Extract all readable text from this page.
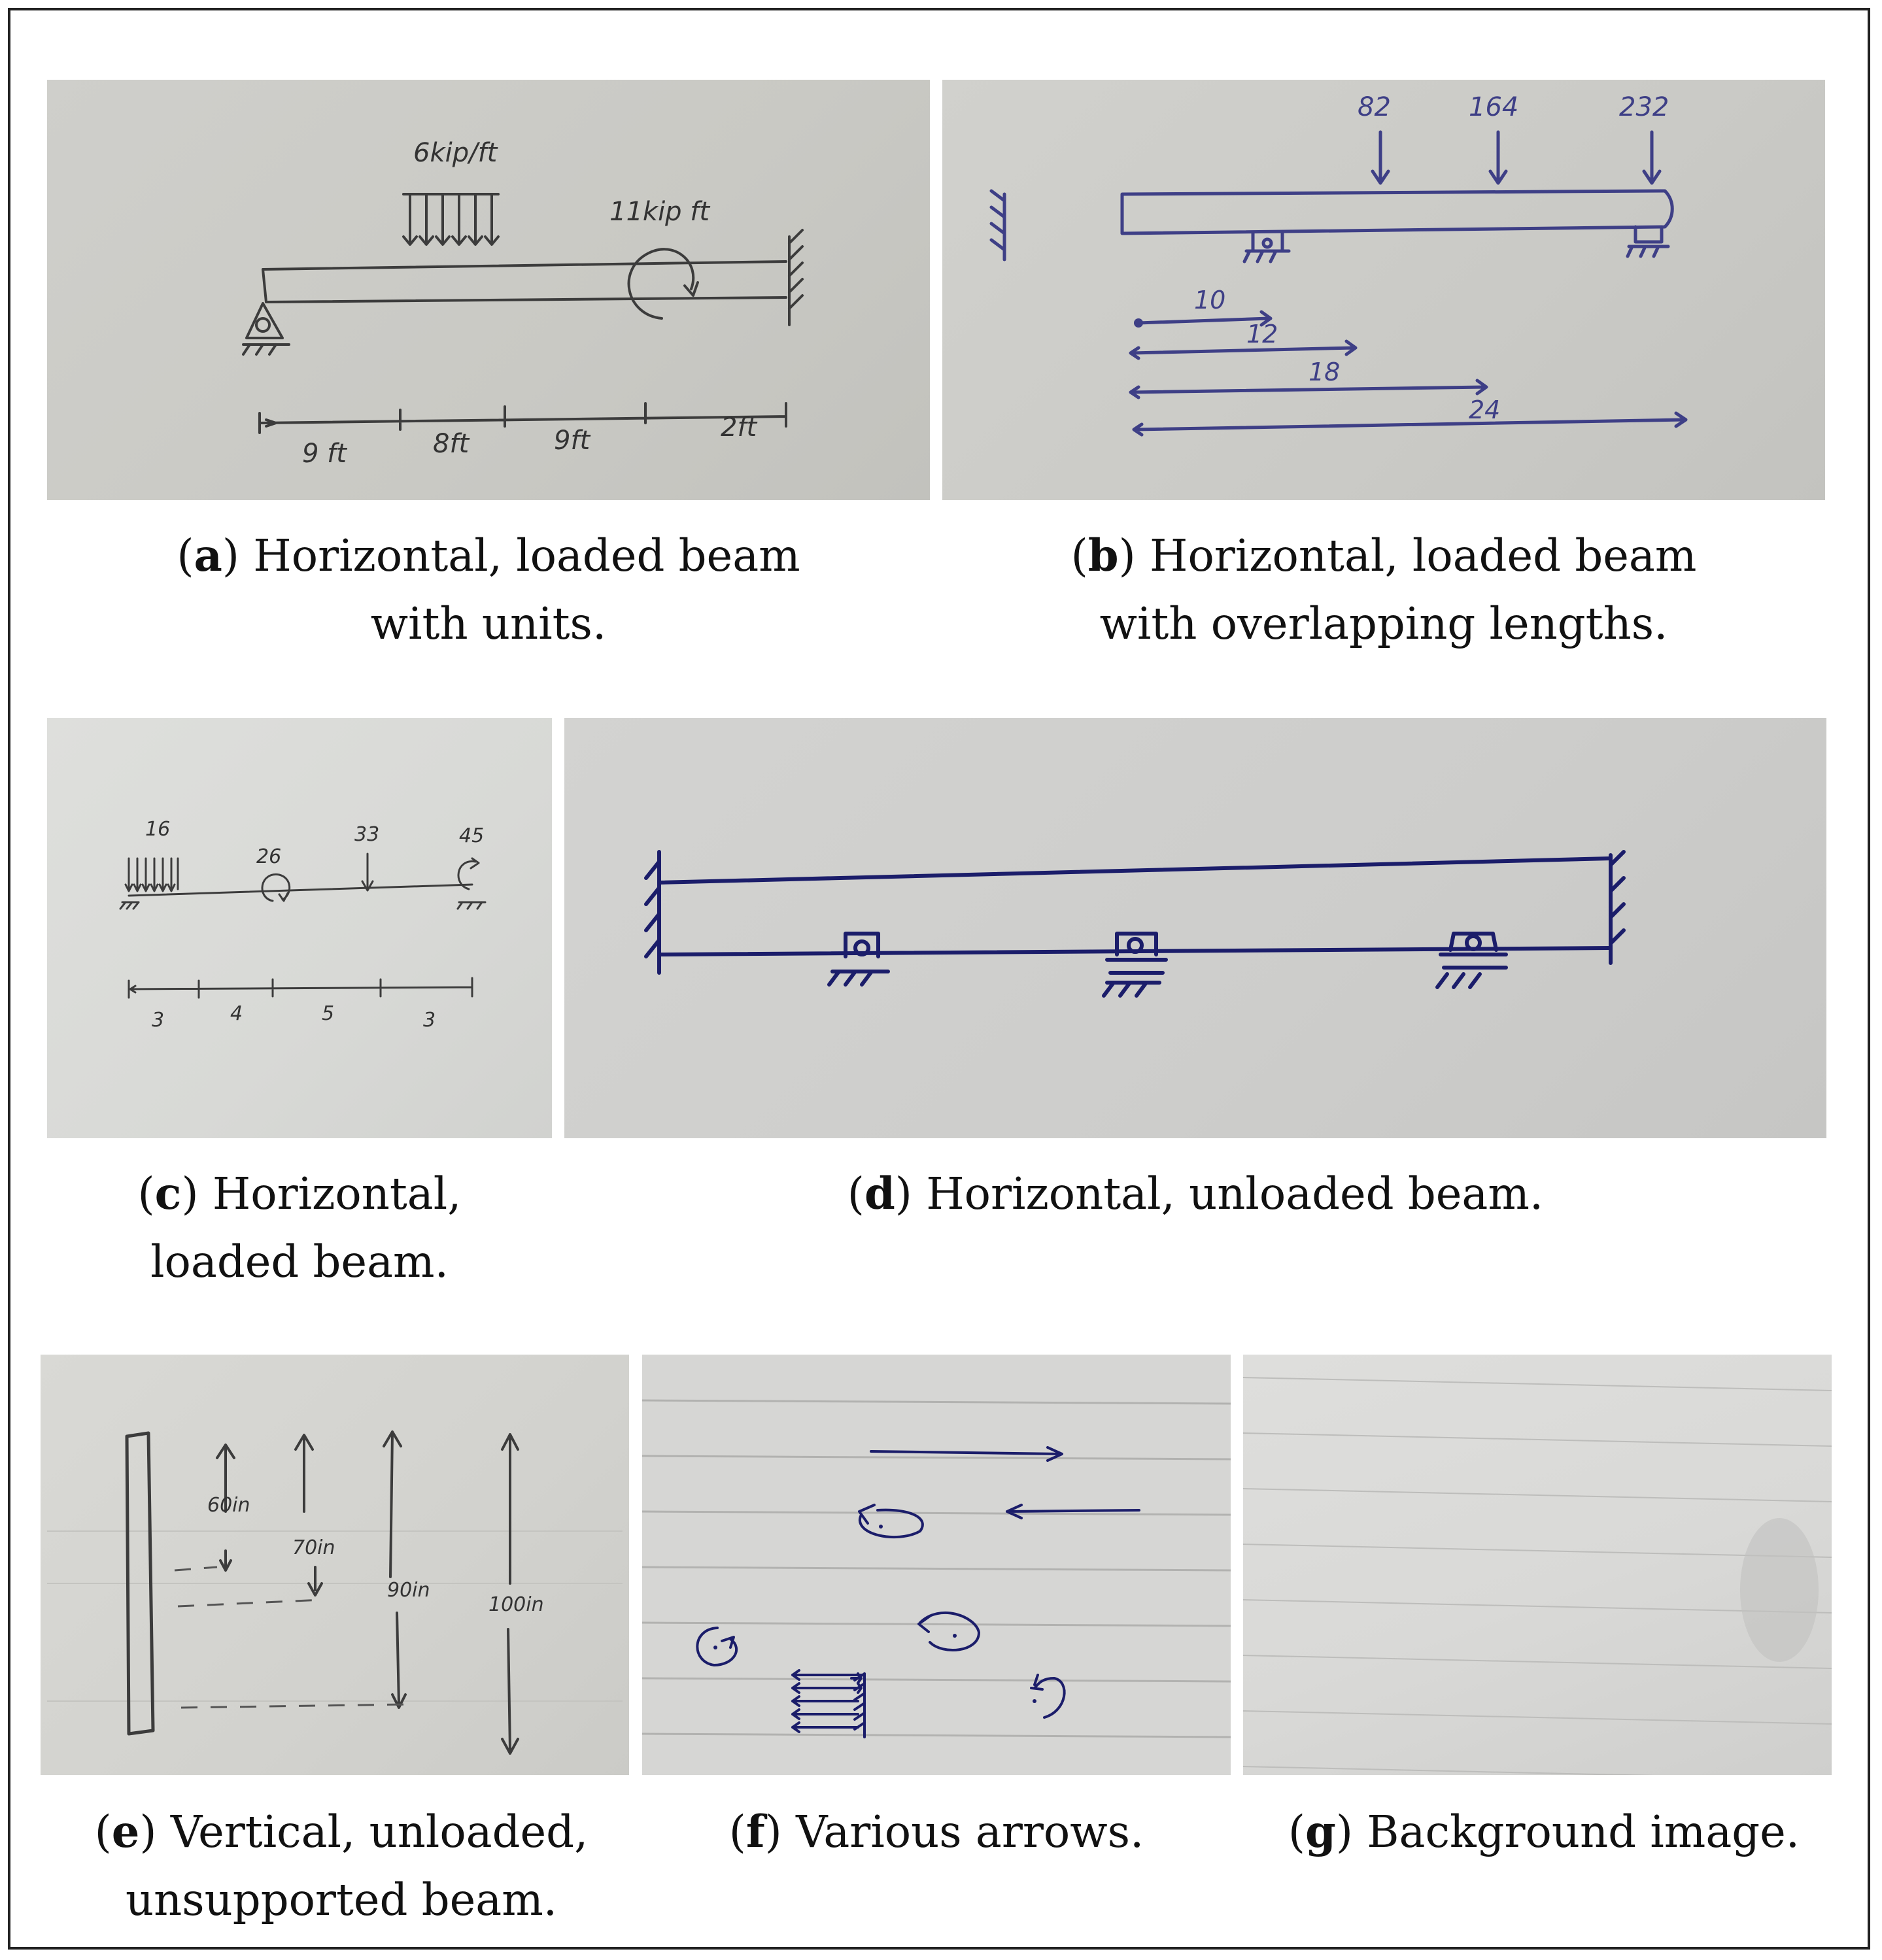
6kip/ft
11kip ft
9 ft	8ft	9ft	2ft
82	164	232
10
12
18
24
(a) Horizontal, loaded beam
with units.
(b) Horizontal, loaded beam
with overlapping lengths.
16
26
33	45
3	4	5	3
(c) Horizontal,
loaded beam.
(d) Horizontal, unloaded beam.
60in
70in
90in
100in
(e) Vertical, unloaded,
unsupported beam.
(f) Various arrows.	(g) Background image.
